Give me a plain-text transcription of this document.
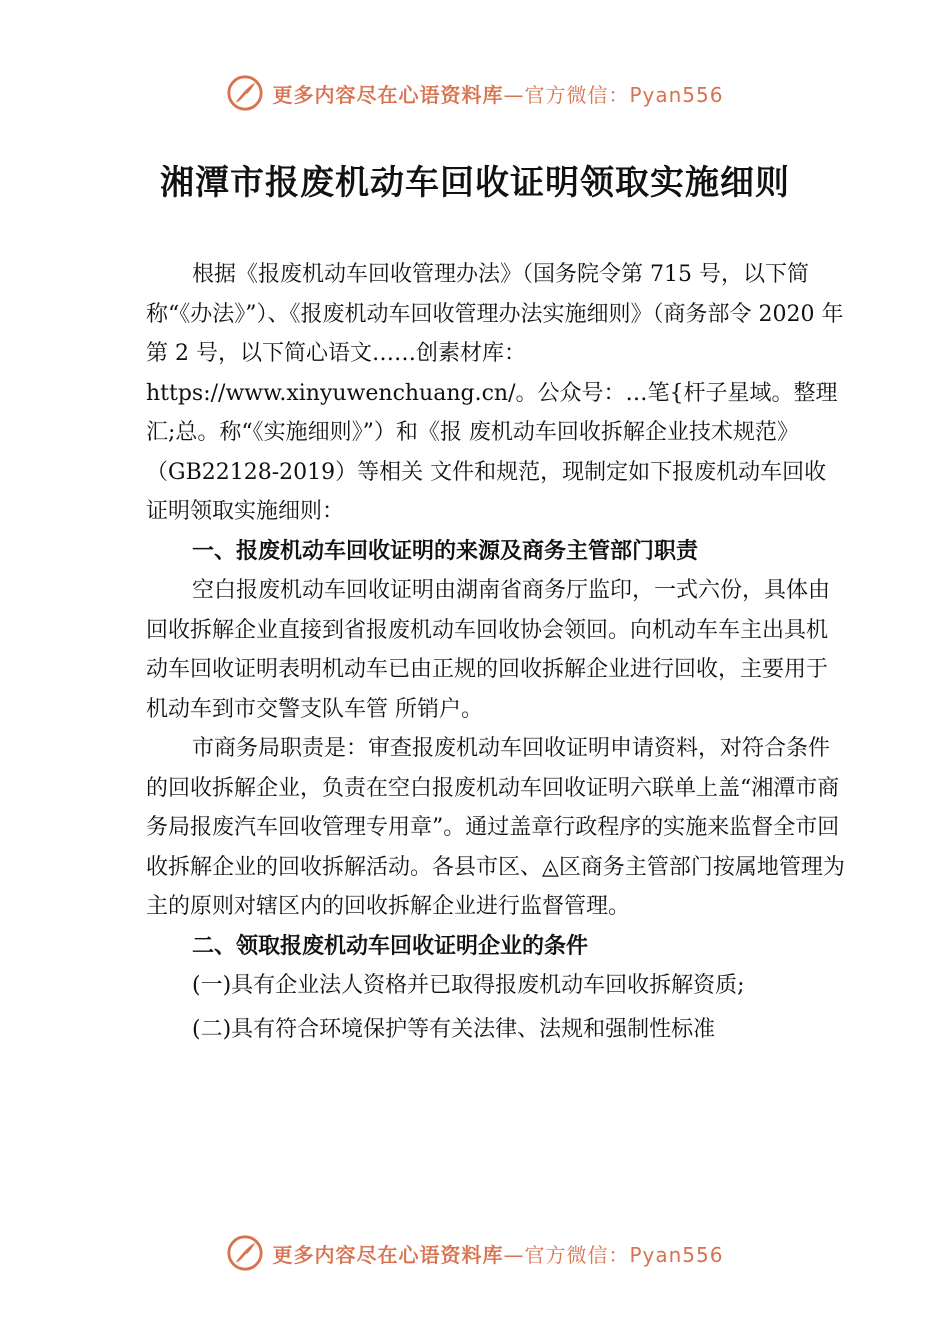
更多内容尽在心语资料库 —官方微信：Pyan556
湘潭市报废机动车回收证明领取实施细则

根据《报废机动车回收管理办法》（国务院令第 715 号，以下简称“《办法》”）、《报废机动车回收管理办法实施细则》（商务部令 2020 年第 2 号，以下简心语文……创素材库：https://www.xinyuwenchuang.cn/。公众号：…笔{杆子星域。整理汇;总。称“《实施细则》”）和《报 废机动车回收拆解企业技术规范》（GB22128-2019）等相关 文件和规范，现制定如下报废机动车回收证明领取实施细则：

一、报废机动车回收证明的来源及商务主管部门职责

空白报废机动车回收证明由湖南省商务厅监印，一式六份，具体由回收拆解企业直接到省报废机动车回收协会领回。向机动车车主出具机动车回收证明表明机动车已由正规的回收拆解企业进行回收，主要用于机动车到市交警支队车管 所销户。

市商务局职责是：审查报废机动车回收证明申请资料，对符合条件的回收拆解企业，负责在空白报废机动车回收证明六联单上盖“湘潭市商务局报废汽车回收管理专用章”。通过盖章行政程序的实施来监督全市回收拆解企业的回收拆解活动。各县市区、◬区商务主管部门按属地管理为主的原则对辖区内的回收拆解企业进行监督管理。

二、领取报废机动车回收证明企业的条件

(一)具有企业法人资格并已取得报废机动车回收拆解资质;

(二)具有符合环境保护等有关法律、法规和强制性标准

更多内容尽在心语资料库 —官方微信：Pyan556
